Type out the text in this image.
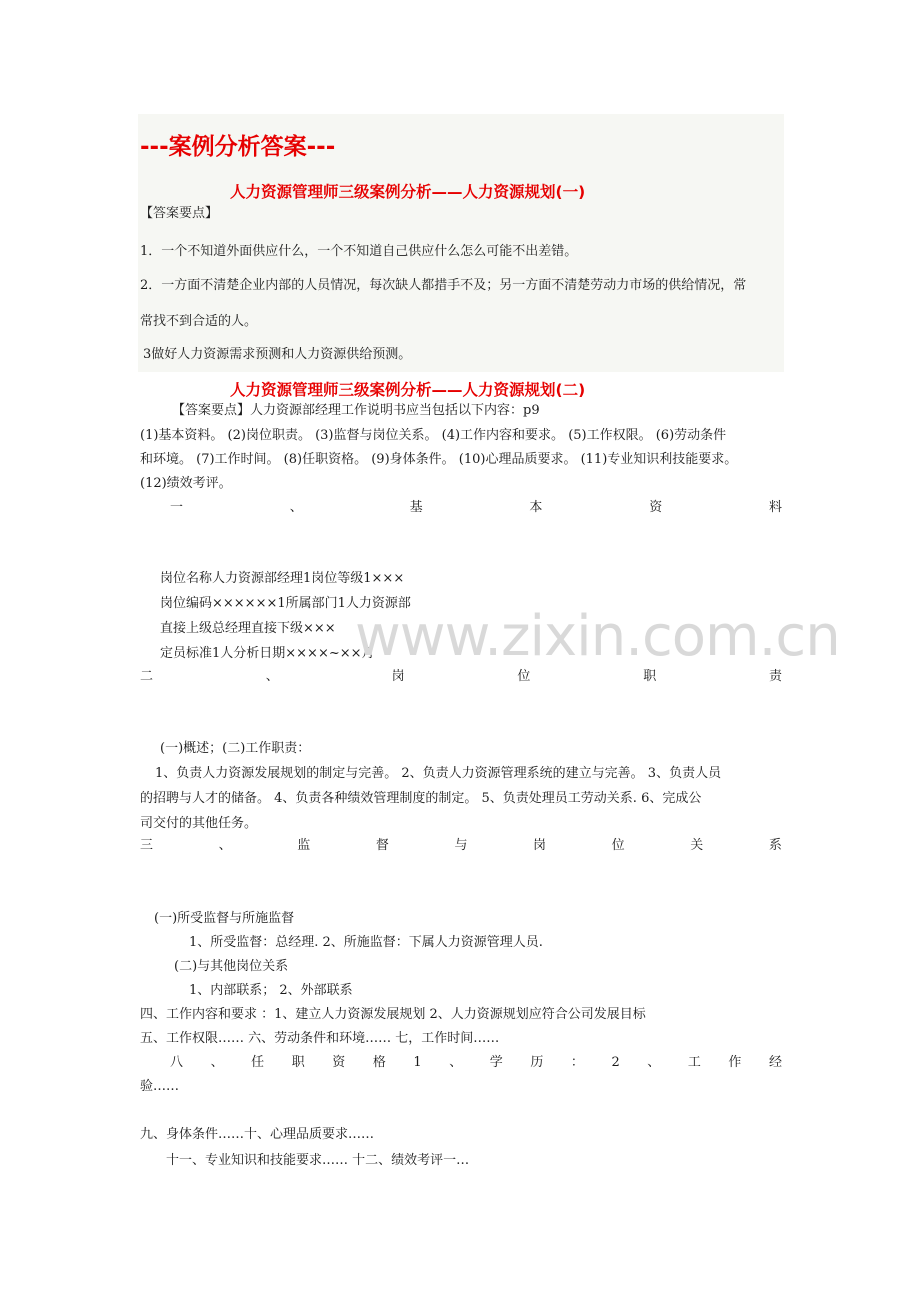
---案例分析答案---
人力资源管理师三级案例分析——人力资源规划(一)
【答案要点】
1．一个不知道外面供应什么，一个不知道自己供应什么怎么可能不出差错。
2．一方面不清楚企业内部的人员情况，每次缺人都措手不及；另一方面不清楚劳动力市场的供给情况，常
常找不到合适的人。
3做好人力资源需求预测和人力资源供给预测。
人力资源管理师三级案例分析——人力资源规划(二)
【答案要点】人力资源部经理工作说明书应当包括以下内容：p9
(1)基本资料。 (2)岗位职责。 (3)监督与岗位关系。 (4)工作内容和要求。 (5)工作权限。 (6)劳动条件
和环境。 (7)工作时间。 (8)任职资格。 (9)身体条件。 (10)心理品质要求。 (11)专业知识利技能要求。
(12)绩效考评。
一	、	基	本	资	料
岗位名称人力资源部经理1岗位等级1×××
岗位编码××××××1所属部门1人力资源部
直接上级总经理直接下级×××
定员标准1人分析日期××××~××月
www.zixin.com.cn
二	、	岗	位	职	责
(一)概述；(二)工作职责：
1、负责人力资源发展规划的制定与完善。 2、负责人力资源管理系统的建立与完善。 3、负责人员
的招聘与人才的储备。 4、负责各种绩效管理制度的制定。 5、负责处理员工劳动关系. 6、完成公
司交付的其他任务。
三	、	监	督	与	岗	位	关	系
(一)所受监督与所施监督
1、所受监督：总经理. 2、所施监督：下属人力资源管理人员.
(二)与其他岗位关系
1、内部联系； 2、外部联系
四、工作内容和要求 ：1、建立人力资源发展规划 2、人力资源规划应符合公司发展目标
五、工作权限…… 六、劳动条件和环境…… 七，工作时间……
八 、 任 职 资 格 1 、 学 历 ： 2 、 工 作 经
验……
九、身体条件……十、心理品质要求……
十一、专业知识和技能要求…… 十二、绩效考评一…
